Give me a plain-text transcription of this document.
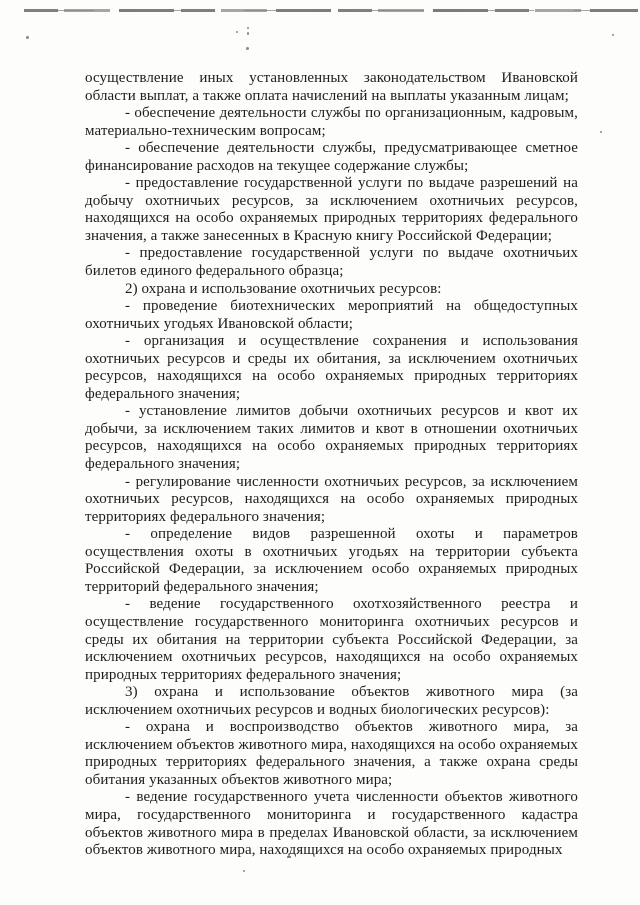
осуществление иных установленных законодательством Ивановской области выплат, а также оплата начислений на выплаты указанным лицам;

- обеспечение деятельности службы по организационным, кадровым, материально-техническим вопросам;

- обеспечение деятельности службы, предусматривающее сметное финансирование расходов на текущее содержание службы;

- предоставление государственной услуги по выдаче разрешений на добычу охотничьих ресурсов, за исключением охотничьих ресурсов, находящихся на особо охраняемых природных территориях федерального значения, а также занесенных в Красную книгу Российской Федерации;

- предоставление государственной услуги по выдаче охотничьих билетов единого федерального образца;

2) охрана и использование охотничьих ресурсов:

- проведение биотехнических мероприятий на общедоступных охотничьих угодьях Ивановской области;

- организация и осуществление сохранения и использования охотничьих ресурсов и среды их обитания, за исключением охотничьих ресурсов, находящихся на особо охраняемых природных территориях федерального значения;

- установление лимитов добычи охотничьих ресурсов и квот их добычи, за исключением таких лимитов и квот в отношении охотничьих ресурсов, находящихся на особо охраняемых природных территориях федерального значения;

- регулирование численности охотничьих ресурсов, за исключением охотничьих ресурсов, находящихся на особо охраняемых природных территориях федерального значения;

- определение видов разрешенной охоты и параметров осуществления охоты в охотничьих угодьях на территории субъекта Российской Федерации, за исключением особо охраняемых природных территорий федерального значения;

- ведение государственного охотхозяйственного реестра и осуществление государственного мониторинга охотничьих ресурсов и среды их обитания на территории субъекта Российской Федерации, за исключением охотничьих ресурсов, находящихся на особо охраняемых природных территориях федерального значения;

3) охрана и использование объектов животного мира (за исключением охотничьих ресурсов и водных биологических ресурсов):

- охрана и воспроизводство объектов животного мира, за исключением объектов животного мира, находящихся на особо охраняемых природных территориях федерального значения, а также охрана среды обитания указанных объектов животного мира;

- ведение государственного учета численности объектов животного мира, государственного мониторинга и государственного кадастра объектов животного мира в пределах Ивановской области, за исключением объектов животного мира, находящихся на особо охраняемых природных
